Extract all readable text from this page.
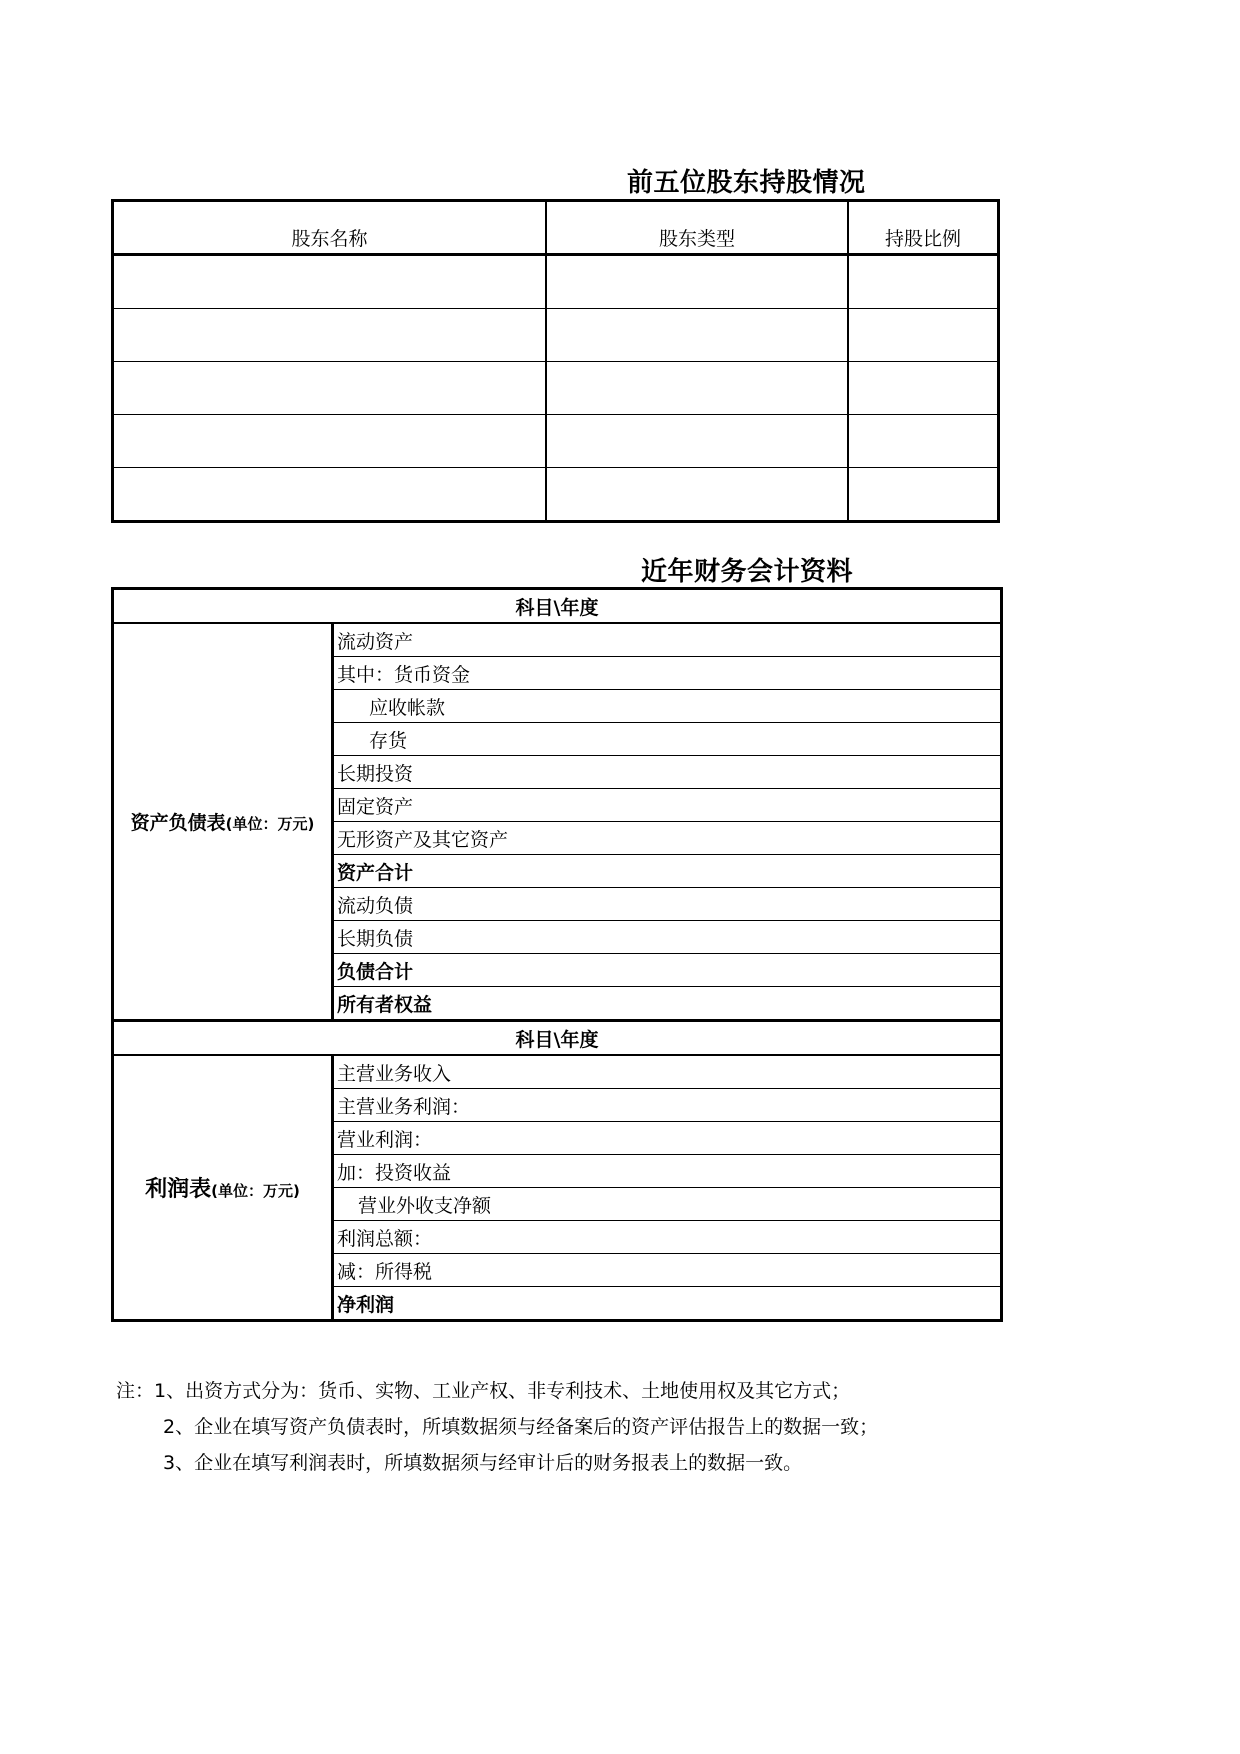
前五位股东持股情况
股东名称	股东类型	持股比例

近年财务会计资料
科目\年度	
资产负债表(单位：万元)	流动资产
	其中：货币资金
	应收帐款
	存货
	长期投资
	固定资产
	无形资产及其它资产
	资产合计
	流动负债
	长期负债
	负债合计
	所有者权益
科目\年度	
利润表(单位：万元)	主营业务收入
	主营业务利润：
	营业利润：
	加：投资收益
	营业外收支净额
	利润总额：
	减：所得税
	净利润
注：1、出资方式分为：货币、实物、工业产权、非专利技术、土地使用权及其它方式；
2、企业在填写资产负债表时，所填数据须与经备案后的资产评估报告上的数据一致；
3、企业在填写利润表时，所填数据须与经审计后的财务报表上的数据一致。
